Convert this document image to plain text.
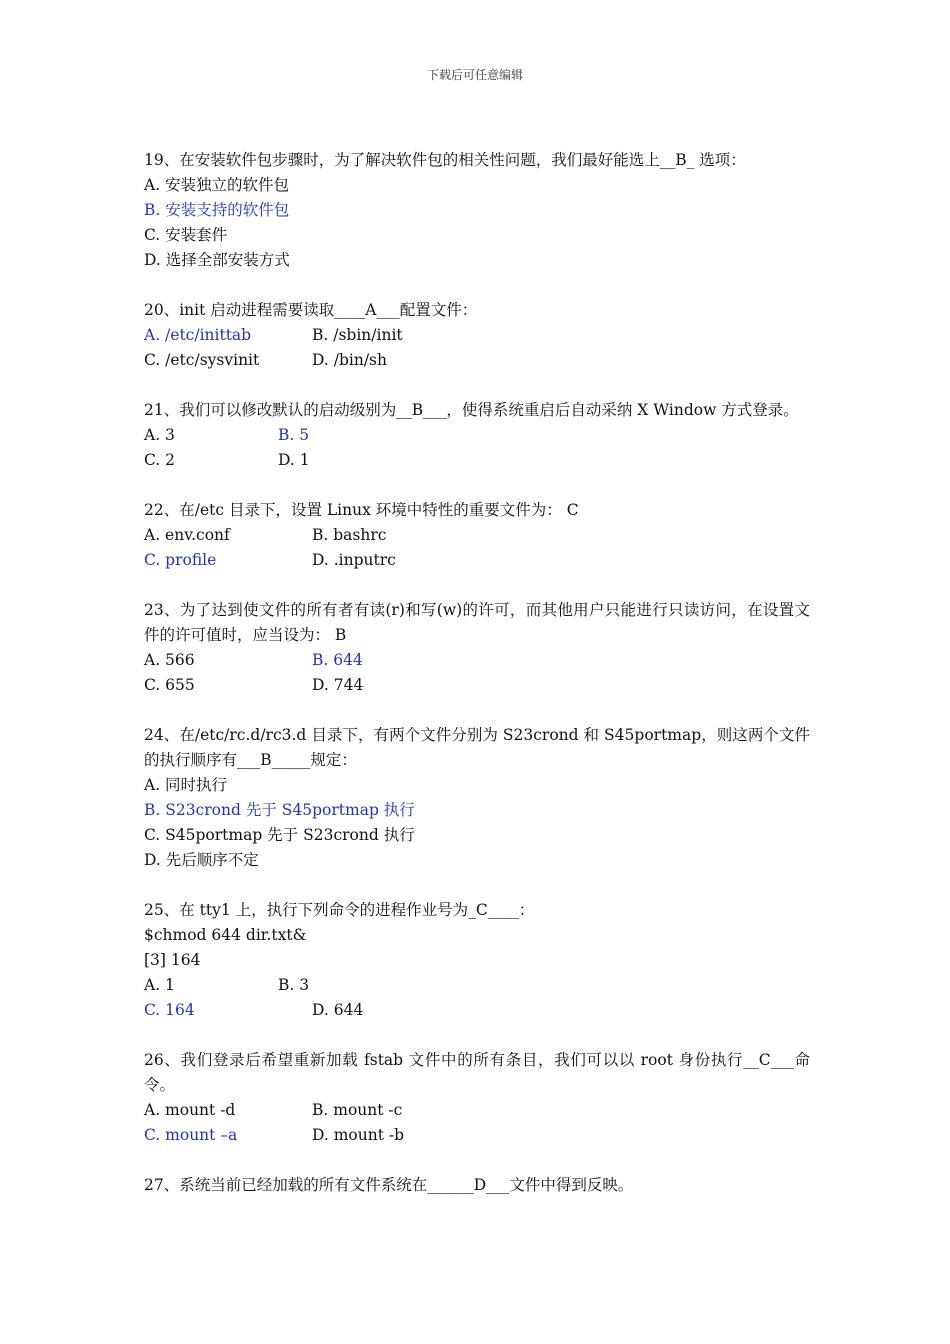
下载后可任意编辑
19、在安装软件包步骤时，为了解决软件包的相关性问题，我们最好能选上__B_ 选项：
A. 安装独立的软件包
B. 安装支持的软件包
C. 安装套件
D. 选择全部安装方式
20、init 启动进程需要读取____A___配置文件：
A. /etc/inittab	B. /sbin/init
C. /etc/sysvinit	D. /bin/sh
21、我们可以修改默认的启动级别为__B___，使得系统重启后自动采纳 X Window 方式登录。
A. 3	B. 5
C. 2	D. 1
22、在/etc 目录下，设置 Linux 环境中特性的重要文件为： C
A. env.conf	B. bashrc
C. profile	D. .inputrc
23、为了达到使文件的所有者有读(r)和写(w)的许可，而其他用户只能进行只读访问，在设置文件的许可值时，应当设为： B
A. 566	B. 644
C. 655	D. 744
24、在/etc/rc.d/rc3.d 目录下，有两个文件分别为 S23crond 和 S45portmap，则这两个文件的执行顺序有___B_____规定：
A. 同时执行
B. S23crond 先于 S45portmap 执行
C. S45portmap 先于 S23crond 执行
D. 先后顺序不定
25、在 tty1 上，执行下列命令的进程作业号为_C____：
$chmod 644 dir.txt&
[3] 164
A. 1	B. 3
C. 164	D. 644
26、我们登录后希望重新加载 fstab 文件中的所有条目，我们可以以 root 身份执行__C___命令。
A. mount -d	B. mount -c
C. mount –a	D. mount -b
27、系统当前已经加载的所有文件系统在______D___文件中得到反映。
